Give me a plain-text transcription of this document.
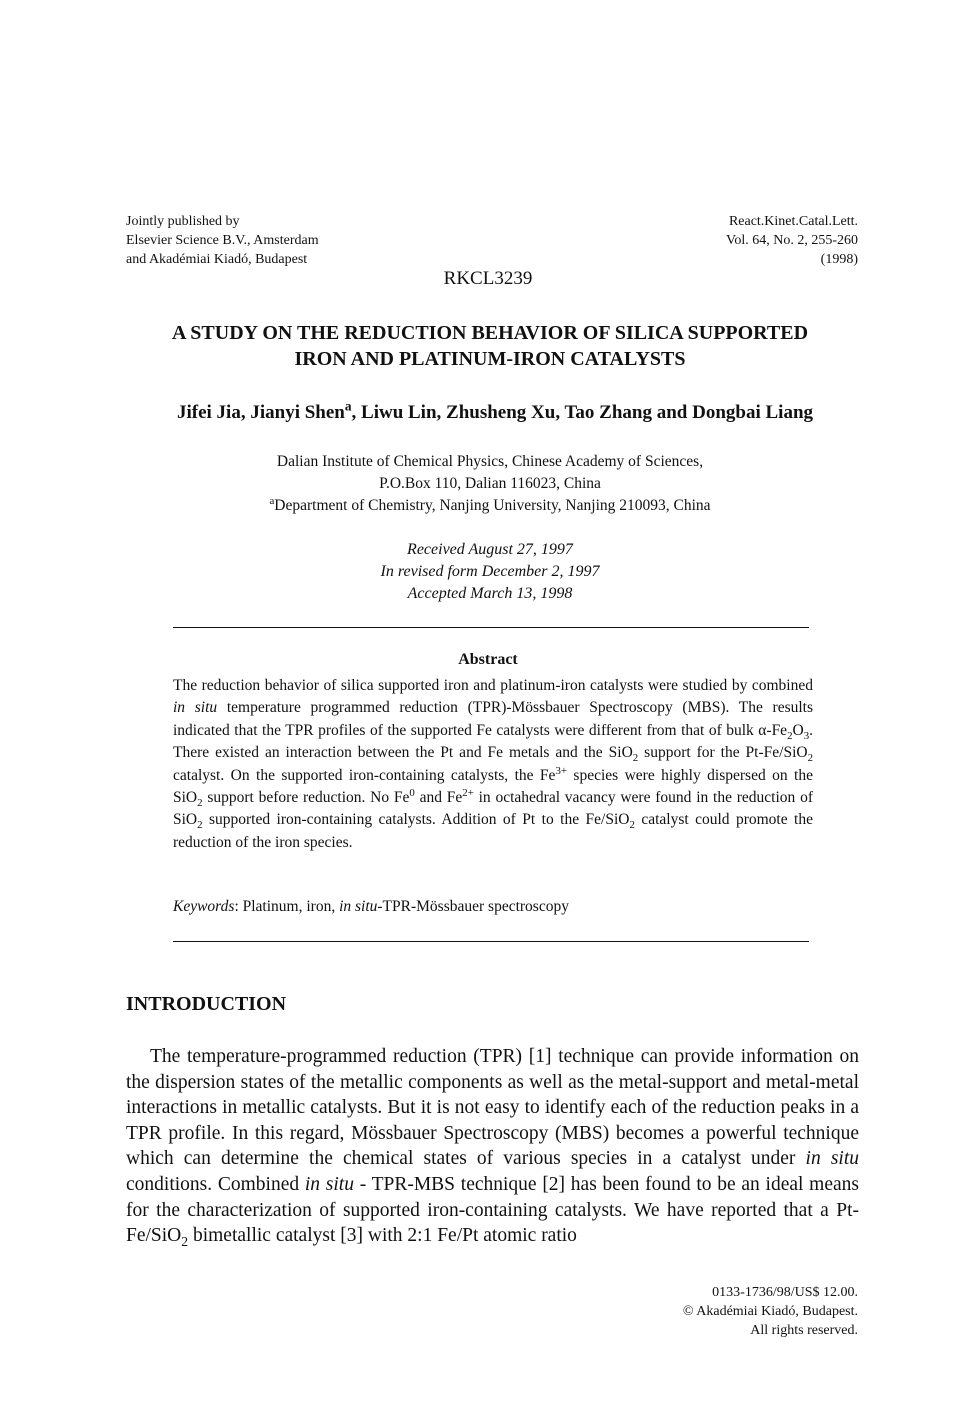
Jointly published by
Elsevier Science B.V., Amsterdam
and Akadémiai Kiadó, Budapest
React.Kinet.Catal.Lett.
Vol. 64, No. 2, 255-260
(1998)
RKCL3239
A STUDY ON THE REDUCTION BEHAVIOR OF SILICA SUPPORTED
IRON AND PLATINUM-IRON CATALYSTS
Jifei Jia, Jianyi Shen$^a$, Liwu Lin, Zhusheng Xu, Tao Zhang and Dongbai Liang
Dalian Institute of Chemical Physics, Chinese Academy of Sciences,
P.O.Box 110, Dalian 116023, China
$^a$Department of Chemistry, Nanjing University, Nanjing 210093, China
Received August 27, 1997
In revised form December 2, 1997
Accepted March 13, 1998
Abstract
The reduction behavior of silica supported iron and platinum-iron catalysts were studied by combined in situ temperature programmed reduction (TPR)-Mössbauer Spectroscopy (MBS). The results indicated that the TPR profiles of the supported Fe catalysts were different from that of bulk $\alpha-Fe_2O_3$. There existed an interaction between the Pt and Fe metals and the SiO$_2$ support for the Pt-Fe/SiO$_2$ catalyst. On the supported iron-containing catalysts, the $Fe^{3+}$ species were highly dispersed on the SiO$_2$ support before reduction. No Fe$^0$ and $Fe^{2+}$ in octahedral vacancy were found in the reduction of SiO$_2$ supported iron-containing catalysts. Addition of Pt to the Fe/SiO$_2$ catalyst could promote the reduction of the iron species.
Keywords: Platinum, iron, in situ-TPR-Mössbauer spectroscopy
INTRODUCTION

The temperature-programmed reduction (TPR) [1] technique can provide information on the dispersion states of the metallic components as well as the metal-support and metal-metal interactions in metallic catalysts. But it is not easy to identify each of the reduction peaks in a TPR profile. In this regard, Mössbauer Spectroscopy (MBS) becomes a powerful technique which can determine the chemical states of various species in a catalyst under in situ conditions. Combined in situ - TPR-MBS technique [2] has been found to be an ideal means for the characterization of supported iron-containing catalysts. We have reported that a Pt-Fe/SiO$_2$ bimetallic catalyst [3] with 2:1 Fe/Pt atomic ratio

0133-1736/98/US$ 12.00.
© Akadémiai Kiadó, Budapest.
All rights reserved.
